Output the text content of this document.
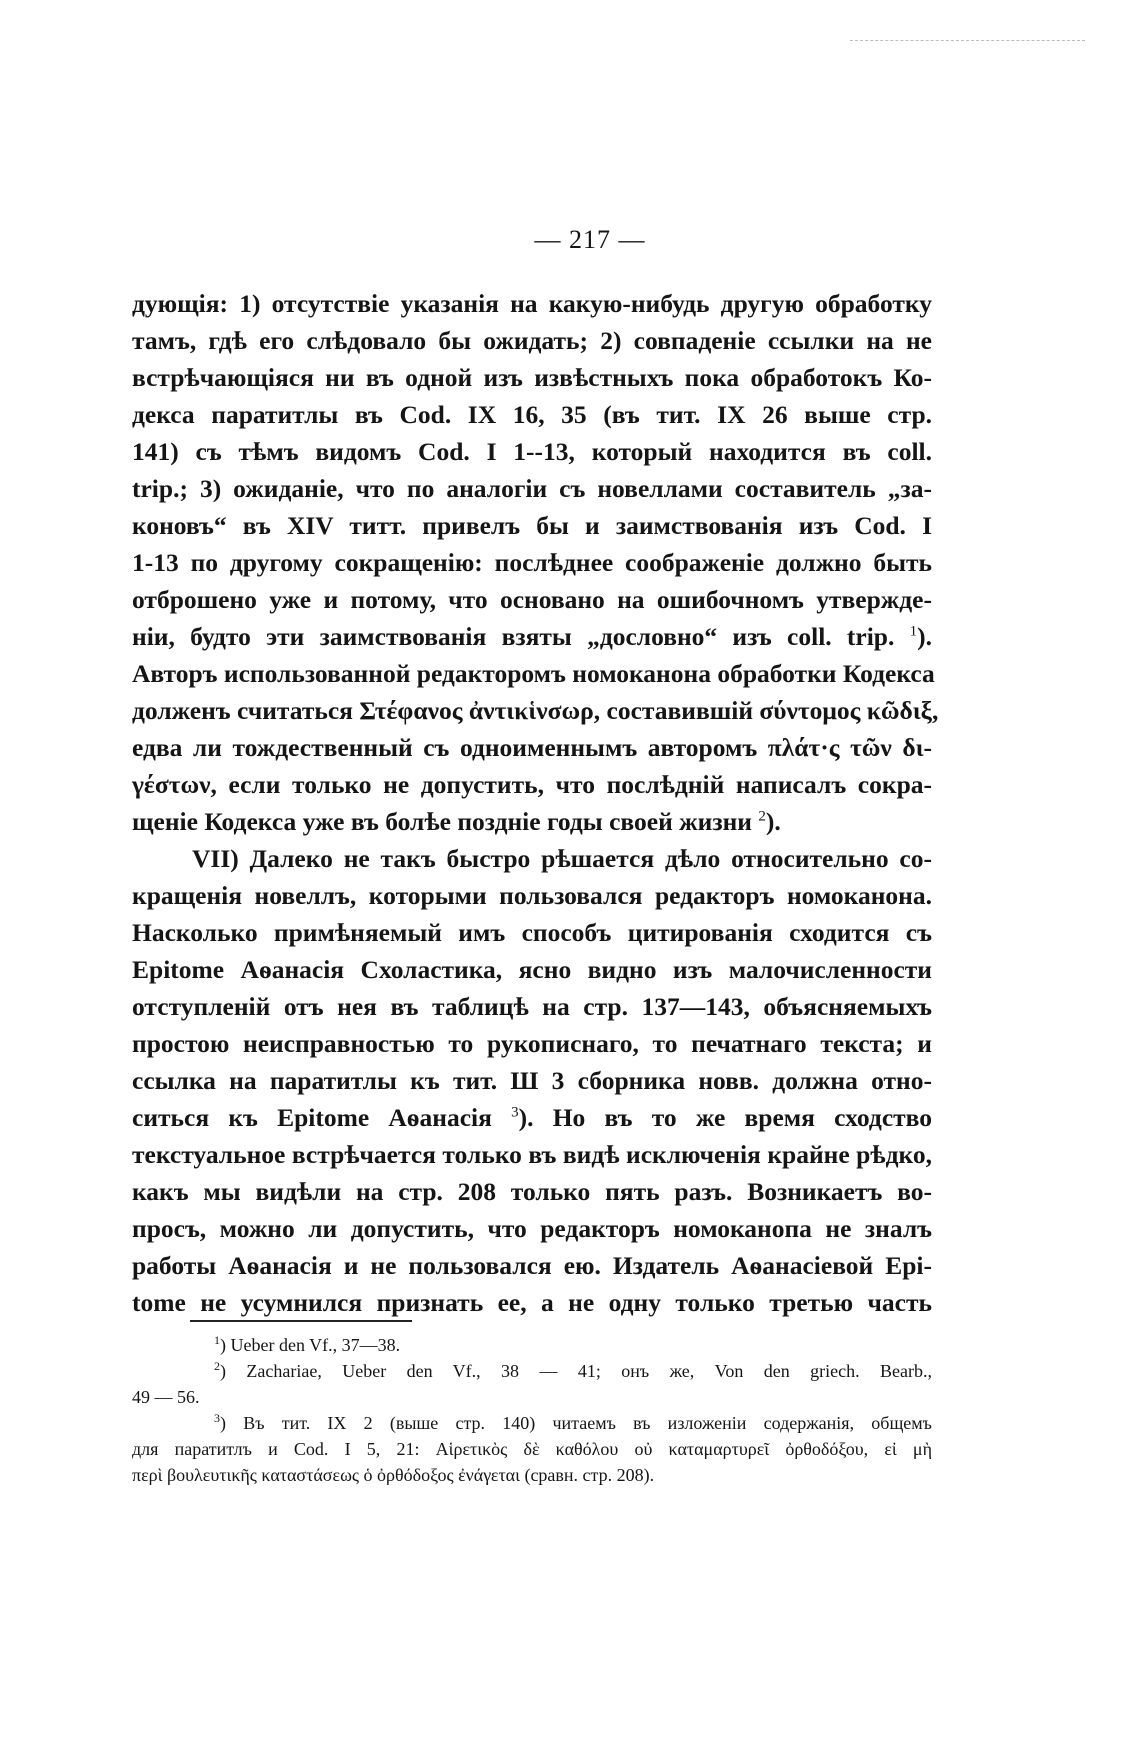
— 217 —
дующія: 1) отсутствіе указанія на какую-нибудь другую обработку
тамъ, гдѣ его слѣдовало бы ожидать; 2) совпаденіе ссылки на не
встрѣчающіяся ни въ одной изъ извѣстныхъ пока обработокъ Ко-
декса паратитлы въ Cod. IX 16, 35 (въ тит. IX 26 выше стр.
141) съ тѣмъ видомъ Cod. I 1--13, который находится въ coll.
trip.; 3) ожиданіе, что по аналогіи съ новеллами составитель „за-
коновъ“ въ XIV титт. привелъ бы и заимствованія изъ Cod. I
1-13 по другому сокращенію: послѣднее соображеніе должно быть
отброшено уже и потому, что основано на ошибочномъ утвержде-
ніи, будто эти заимствованія взяты „дословно“ изъ coll. trip. $^1$).
Авторъ использованной редакторомъ номоканона обработки Кодекса
долженъ считаться Στέφανος ἀντικἱνσωρ, составившій σύντομος κῶδιξ,
едва ли тождественный съ одноименнымъ авторомъ πλάτ·ς τῶν δι-
γέστων, если только не допустить, что послѣдній написалъ сокра-
щеніе Кодекса уже въ болѣе поздніе годы своей жизни $^2$).
VII) Далеко не такъ быстро рѣшается дѣло относительно со-
кращенія новеллъ, которыми пользовался редакторъ номоканона.
Насколько примѣняемый имъ способъ цитированія сходится съ
Epitome Аѳанасія Схоластика, ясно видно изъ малочисленности
отступленій отъ нея въ таблицѣ на стр. 137—143, объясняемыхъ
простою неисправностью то рукописнаго, то печатнаго текста; и
ссылка на паратитлы къ тит. Ш 3 сборника новв. должна отно-
ситься къ Epitome Аѳанасія $^3$). Но въ то же время сходство
текстуальное встрѣчается только въ видѣ исключенія крайне рѣдко,
какъ мы видѣли на стр. 208 только пять разъ. Возникаетъ во-
просъ, можно ли допустить, что редакторъ номоканопа не зналъ
работы Аѳанасія и не пользовался ею. Издатель Аѳанасіевой Epi-
tome не усумнился признать ее, а не одну только третью часть
$^1$) Ueber den Vf., 37—38.
$^2$) Zachariae, Ueber den Vf., 38 — 41; онъ же, Von den griech. Bearb.,
49 — 56.
$^3$) Въ тит. IX 2 (выше стр. 140) читаемъ въ изложеніи содержанія, общемъ
для паратитлъ и Cod. I 5, 21: Αἱρετικὸς δὲ καθόλου οὐ καταμαρτυρεῖ ὀρθοδόξου, εἰ μὴ
περὶ βουλευτικῆς καταστάσεως ὁ ὀρθόδοξος ἐνάγεται (сравн. стр. 208).
